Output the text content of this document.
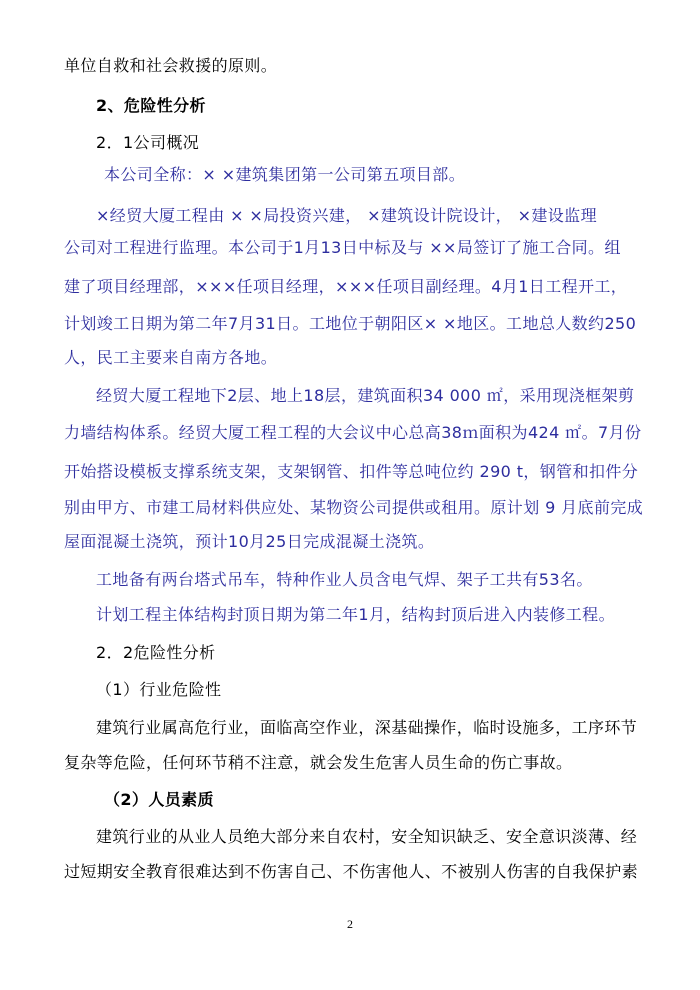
单位自救和社会救援的原则。
2、危险性分析
2．1公司概况
本公司全称：× ×建筑集团第一公司第五项目部。
×经贸大厦工程由 × ×局投资兴建， ×建筑设计院设计， ×建设监理
公司对工程进行监理。本公司于1月13日中标及与 ××局签订了施工合同。组
建了项目经理部，×××任项目经理，×××任项目副经理。4月1日工程开工，
计划竣工日期为第二年7月31日。工地位于朝阳区× ×地区。工地总人数约250
人，民工主要来自南方各地。
经贸大厦工程地下2层、地上18层，建筑面积34 000 ㎡，采用现浇框架剪
力墙结构体系。经贸大厦工程工程的大会议中心总高38ｍ面积为424 ㎡。7月份
开始搭设模板支撑系统支架，支架钢管、扣件等总吨位约 290 t，钢管和扣件分
别由甲方、市建工局材料供应处、某物资公司提供或租用。原计划 9 月底前完成
屋面混凝土浇筑，预计10月25日完成混凝土浇筑。
工地备有两台塔式吊车，特种作业人员含电气焊、架子工共有53名。
计划工程主体结构封顶日期为第二年1月，结构封顶后进入内装修工程。
2．2危险性分析
（1）行业危险性
建筑行业属高危行业，面临高空作业，深基础操作，临时设施多，工序环节
复杂等危险，任何环节稍不注意，就会发生危害人员生命的伤亡事故。
（2）人员素质
建筑行业的从业人员绝大部分来自农村，安全知识缺乏、安全意识淡薄、经
过短期安全教育很难达到不伤害自己、不伤害他人、不被别人伤害的自我保护素
2
